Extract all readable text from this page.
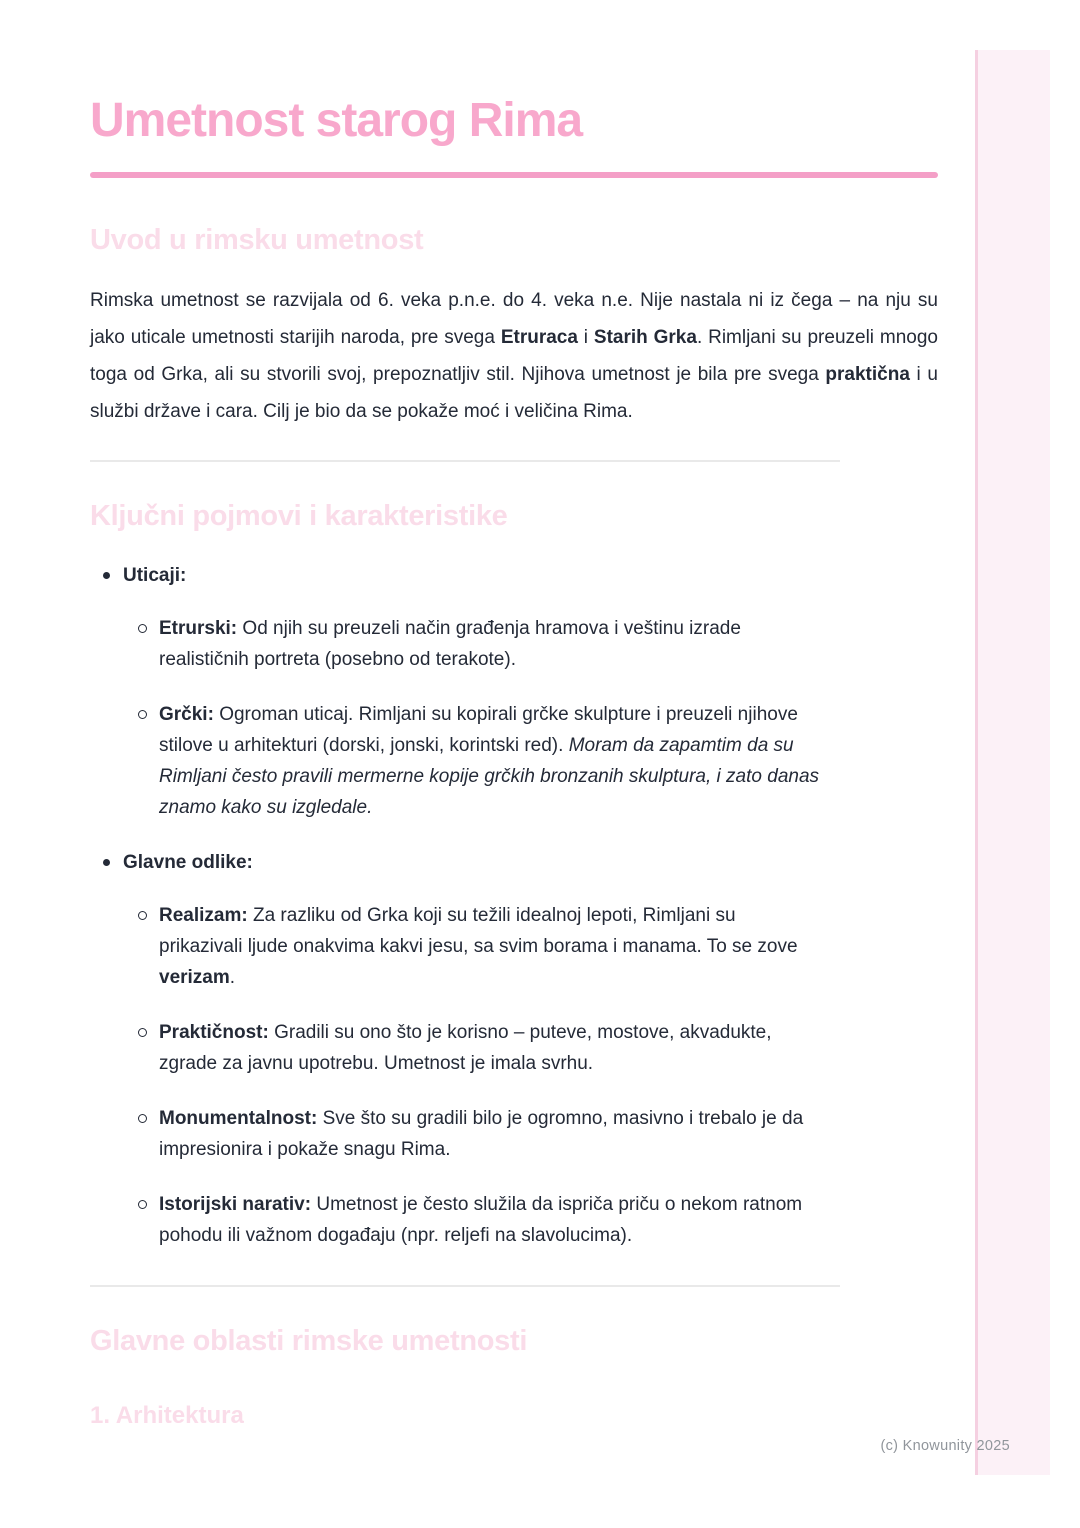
Umetnost starog Rima
Uvod u rimsku umetnost

Rimska umetnost se razvijala od 6. veka p.n.e. do 4. veka n.e. Nije nastala ni iz čega – na nju su jako uticale umetnosti starijih naroda, pre svega Etruraca i Starih Grka. Rimljani su preuzeli mnogo toga od Grka, ali su stvorili svoj, prepoznatljiv stil. Njihova umetnost je bila pre svega praktična i u službi države i cara. Cilj je bio da se pokaže moć i veličina Rima.

Ključni pojmovi i karakteristike
Uticaji:
Etrurski: Od njih su preuzeli način građenja hramova i veštinu izrade realističnih portreta (posebno od terakote).
Grčki: Ogroman uticaj. Rimljani su kopirali grčke skulpture i preuzeli njihove stilove u arhitekturi (dorski, jonski, korintski red). Moram da zapamtim da su Rimljani često pravili mermerne kopije grčkih bronzanih skulptura, i zato danas znamo kako su izgledale.
Glavne odlike:
Realizam: Za razliku od Grka koji su težili idealnoj lepoti, Rimljani su prikazivali ljude onakvima kakvi jesu, sa svim borama i manama. To se zove verizam.
Praktičnost: Gradili su ono što je korisno – puteve, mostove, akvadukte, zgrade za javnu upotrebu. Umetnost je imala svrhu.
Monumentalnost: Sve što su gradili bilo je ogromno, masivno i trebalo je da impresionira i pokaže snagu Rima.
Istorijski narativ: Umetnost je često služila da ispriča priču o nekom ratnom pohodu ili važnom događaju (npr. reljefi na slavolucima).
Glavne oblasti rimske umetnosti
1. Arhitektura
(c) Knowunity 2025
